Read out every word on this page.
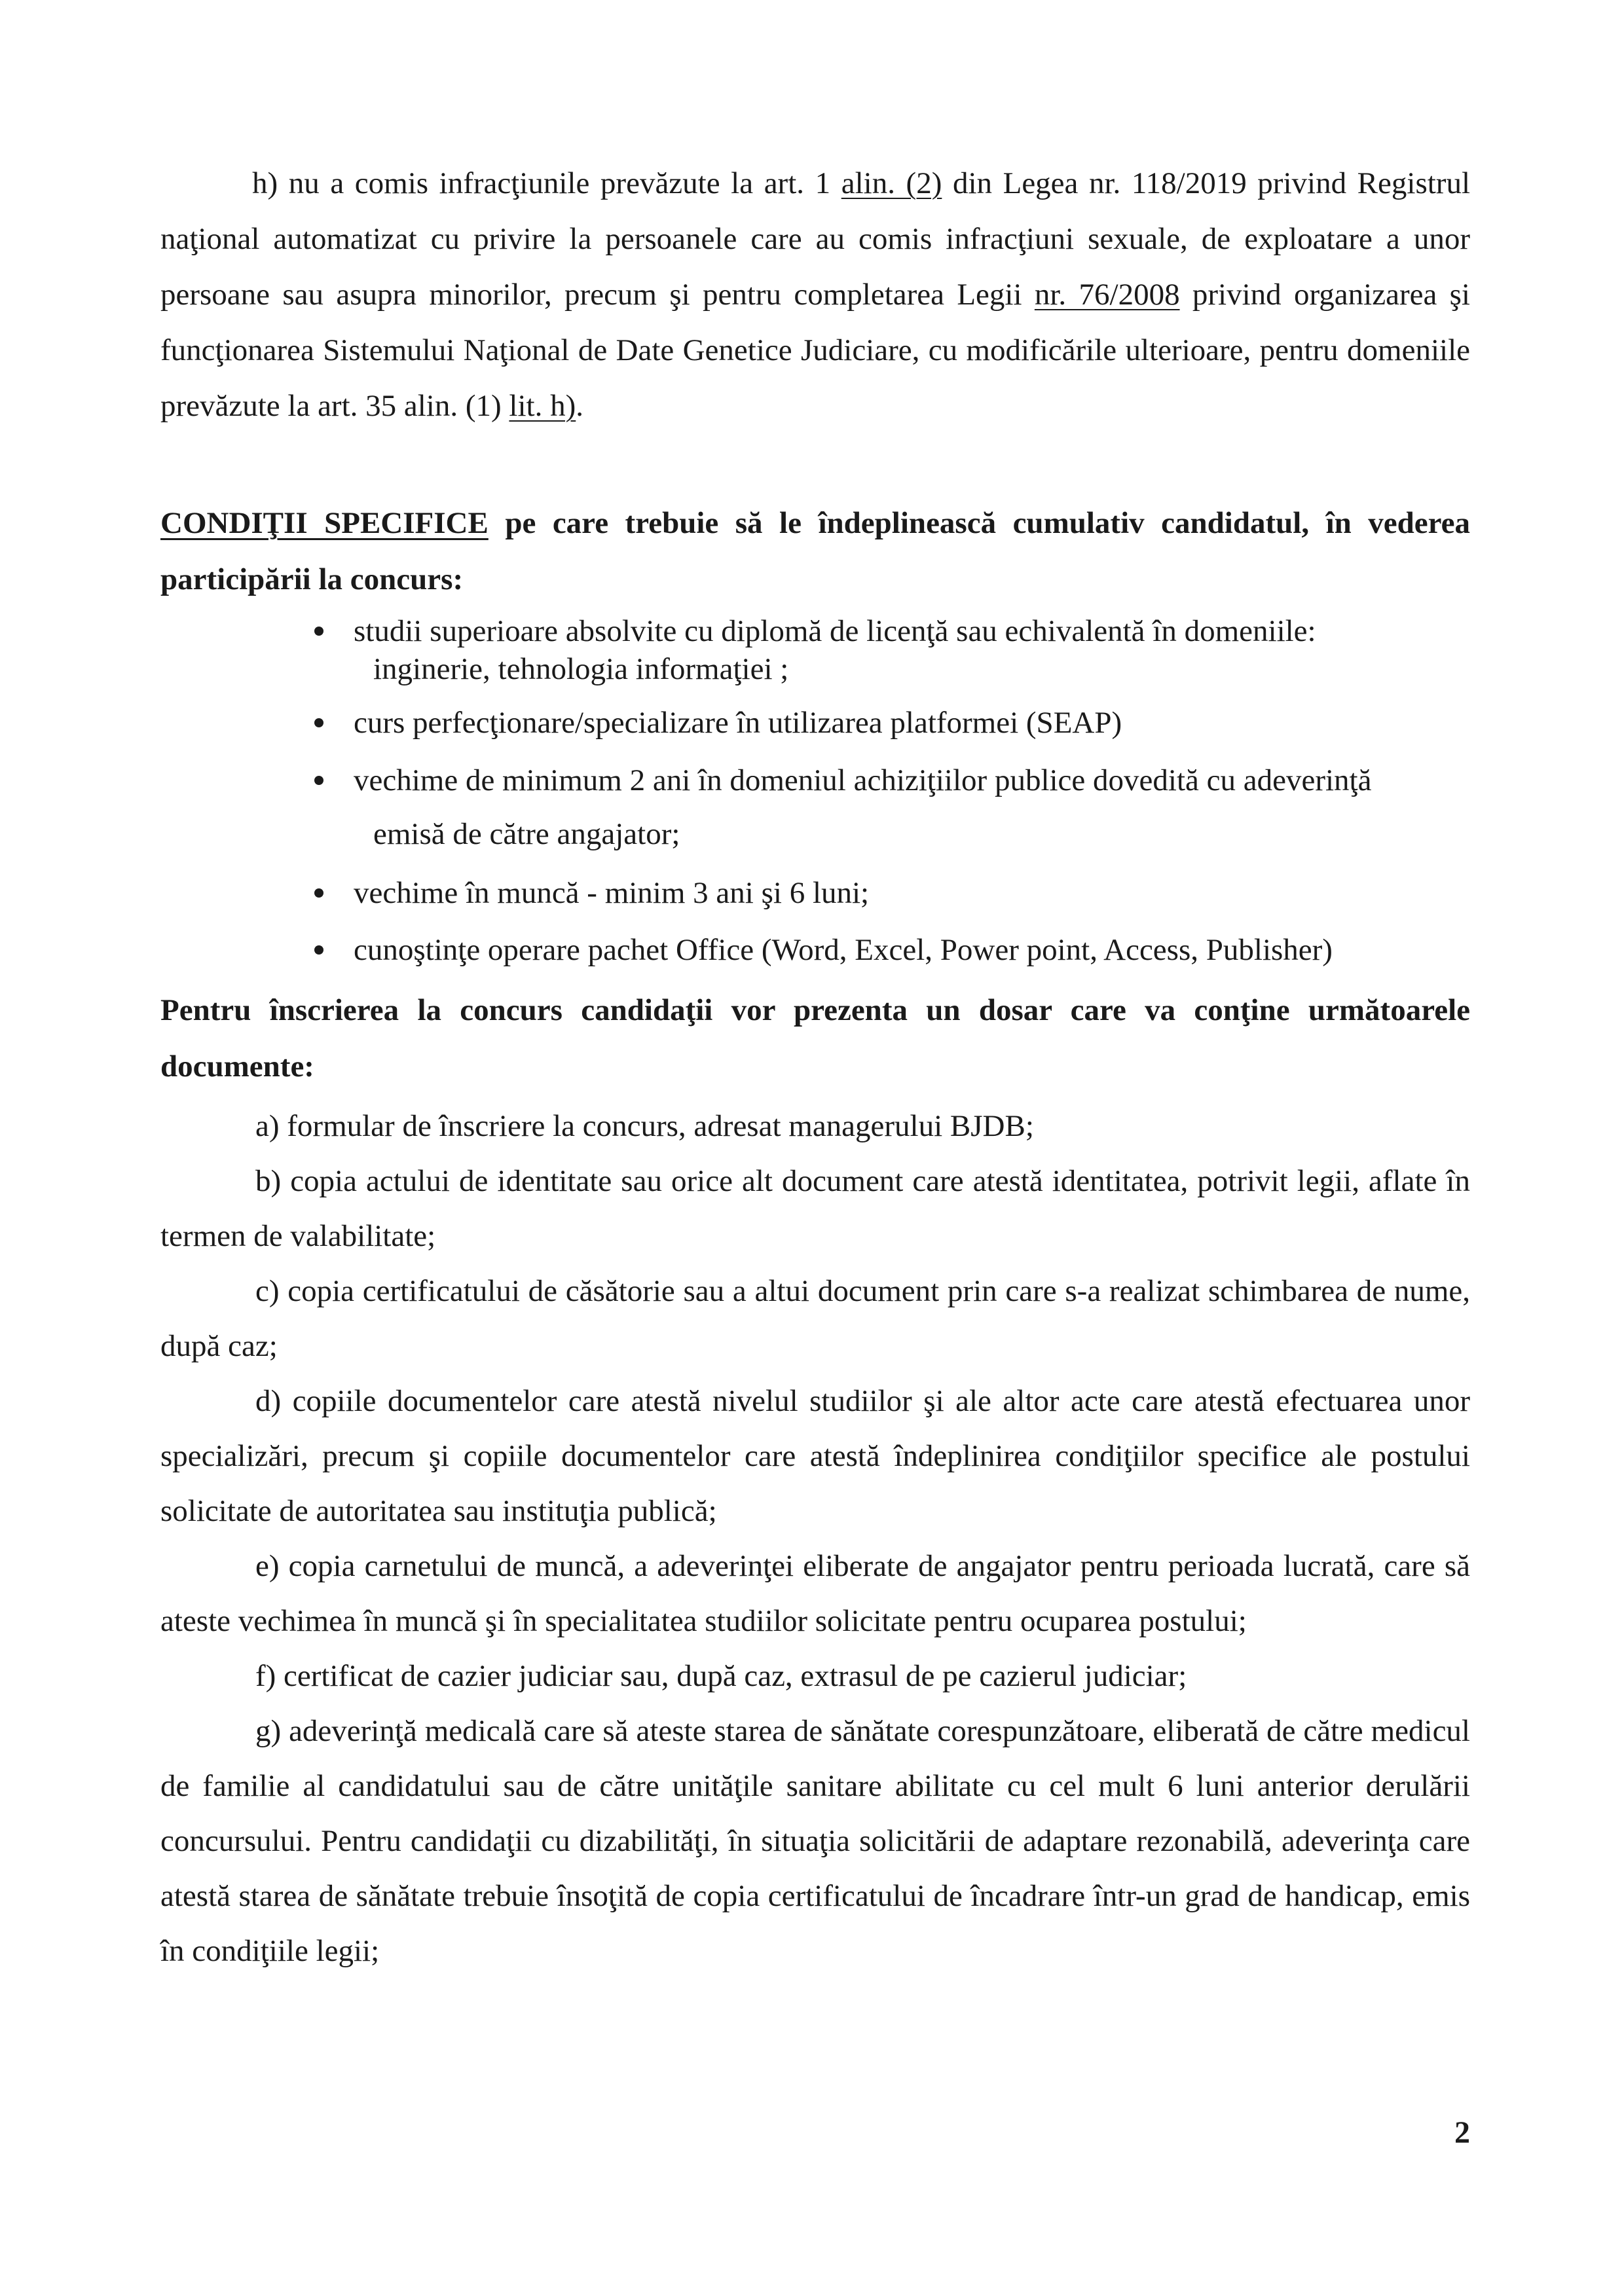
h) nu a comis infracţiunile prevăzute la art. 1 alin. (2) din Legea nr. 118/2019 privind Registrul naţional automatizat cu privire la persoanele care au comis infracţiuni sexuale, de exploatare a unor persoane sau asupra minorilor, precum şi pentru completarea Legii nr. 76/2008 privind organizarea şi funcţionarea Sistemului Naţional de Date Genetice Judiciare, cu modificările ulterioare, pentru domeniile prevăzute la art. 35 alin. (1) lit. h).

CONDIŢII SPECIFICE pe care trebuie să le îndeplinească cumulativ candidatul, în vederea participării la concurs:

studii superioare absolvite cu diplomă de licenţă sau echivalentă în domeniile:
inginerie, tehnologia informaţiei ;
curs perfecţionare/specializare în utilizarea platformei (SEAP)
vechime de minimum 2 ani în domeniul achiziţiilor publice dovedită cu adeverinţă
emisă de către angajator;
vechime în muncă - minim 3 ani şi 6 luni;
cunoştinţe operare pachet Office (Word, Excel, Power point, Access, Publisher)

Pentru înscrierea la concurs candidaţii vor prezenta un dosar care va conţine următoarele documente:

a) formular de înscriere la concurs, adresat managerului BJDB;
b) copia actului de identitate sau orice alt document care atestă identitatea, potrivit legii, aflate în termen de valabilitate;
c) copia certificatului de căsătorie sau a altui document prin care s-a realizat schimbarea de nume, după caz;
d) copiile documentelor care atestă nivelul studiilor şi ale altor acte care atestă efectuarea unor specializări, precum şi copiile documentelor care atestă îndeplinirea condiţiilor specifice ale postului solicitate de autoritatea sau instituţia publică;
e) copia carnetului de muncă, a adeverinţei eliberate de angajator pentru perioada lucrată, care să ateste vechimea în muncă şi în specialitatea studiilor solicitate pentru ocuparea postului;
f) certificat de cazier judiciar sau, după caz, extrasul de pe cazierul judiciar;
g) adeverinţă medicală care să ateste starea de sănătate corespunzătoare, eliberată de către medicul de familie al candidatului sau de către unităţile sanitare abilitate cu cel mult 6 luni anterior derulării concursului. Pentru candidaţii cu dizabilităţi, în situaţia solicitării de adaptare rezonabilă, adeverinţa care atestă starea de sănătate trebuie însoţită de copia certificatului de încadrare într-un grad de handicap, emis în condiţiile legii;
2
